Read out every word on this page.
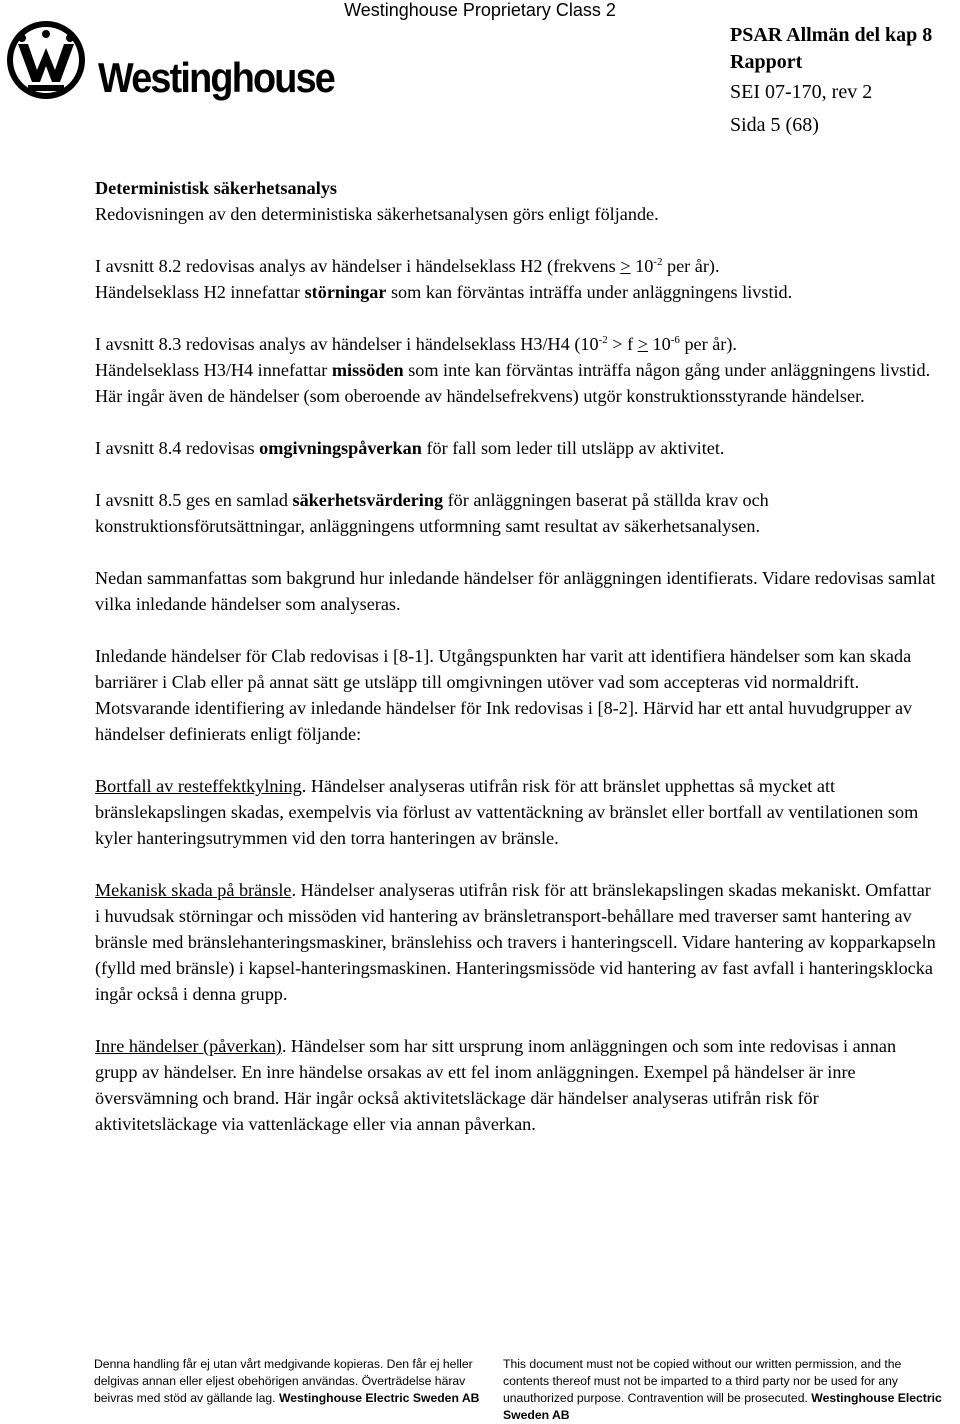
Westinghouse Proprietary Class 2
Westinghouse
PSAR Allmän del kap 8
Rapport
SEI 07-170, rev 2
Sida 5 (68)

Deterministisk säkerhetsanalys

Redovisningen av den deterministiska säkerhetsanalysen görs enligt följande.

I avsnitt 8.2 redovisas analys av händelser i händelseklass H2 (frekvens > $10^{-2}$ per år).
Händelseklass H2 innefattar störningar som kan förväntas inträffa under anläggningens livstid.

I avsnitt 8.3 redovisas analys av händelser i händelseklass H3/H4 ($10^{-2} > f > 10^{-6}$ per år).
Händelseklass H3/H4 innefattar missöden som inte kan förväntas inträffa någon gång under anläggningens livstid. Här ingår även de händelser (som oberoende av händelsefrekvens) utgör konstruktionsstyrande händelser.

I avsnitt 8.4 redovisas omgivningspåverkan för fall som leder till utsläpp av aktivitet.

I avsnitt 8.5 ges en samlad säkerhetsvärdering för anläggningen baserat på ställda krav och konstruktionsförutsättningar, anläggningens utformning samt resultat av säkerhetsanalysen.

Nedan sammanfattas som bakgrund hur inledande händelser för anläggningen identifierats. Vidare redovisas samlat vilka inledande händelser som analyseras.

Inledande händelser för Clab redovisas i [8-1]. Utgångspunkten har varit att identifiera händelser som kan skada barriärer i Clab eller på annat sätt ge utsläpp till omgivningen utöver vad som accepteras vid normaldrift. Motsvarande identifiering av inledande händelser för Ink redovisas i [8-2]. Härvid har ett antal huvudgrupper av händelser definierats enligt följande:

Bortfall av resteffektkylning. Händelser analyseras utifrån risk för att bränslet upphettas så mycket att bränslekapslingen skadas, exempelvis via förlust av vattentäckning av bränslet eller bortfall av ventilationen som kyler hanteringsutrymmen vid den torra hanteringen av bränsle.

Mekanisk skada på bränsle. Händelser analyseras utifrån risk för att bränslekapslingen skadas mekaniskt. Omfattar i huvudsak störningar och missöden vid hantering av bränsletransport-behållare med traverser samt hantering av bränsle med bränslehanteringsmaskiner, bränslehiss och travers i hanteringscell. Vidare hantering av kopparkapseln (fylld med bränsle) i kapsel-hanteringsmaskinen. Hanteringsmissöde vid hantering av fast avfall i hanteringsklocka ingår också i denna grupp.

Inre händelser (påverkan). Händelser som har sitt ursprung inom anläggningen och som inte redovisas i annan grupp av händelser. En inre händelse orsakas av ett fel inom anläggningen. Exempel på händelser är inre översvämning och brand. Här ingår också aktivitetsläckage där händelser analyseras utifrån risk för aktivitetsläckage via vattenläckage eller via annan påverkan.

Denna handling får ej utan vårt medgivande kopieras. Den får ej heller delgivas annan eller eljest obehörigen användas. Överträdelse härav beivras med stöd av gällande lag. Westinghouse Electric Sweden AB
This document must not be copied without our written permission, and the contents thereof must not be imparted to a third party nor be used for any unauthorized purpose. Contravention will be prosecuted. Westinghouse Electric Sweden AB
